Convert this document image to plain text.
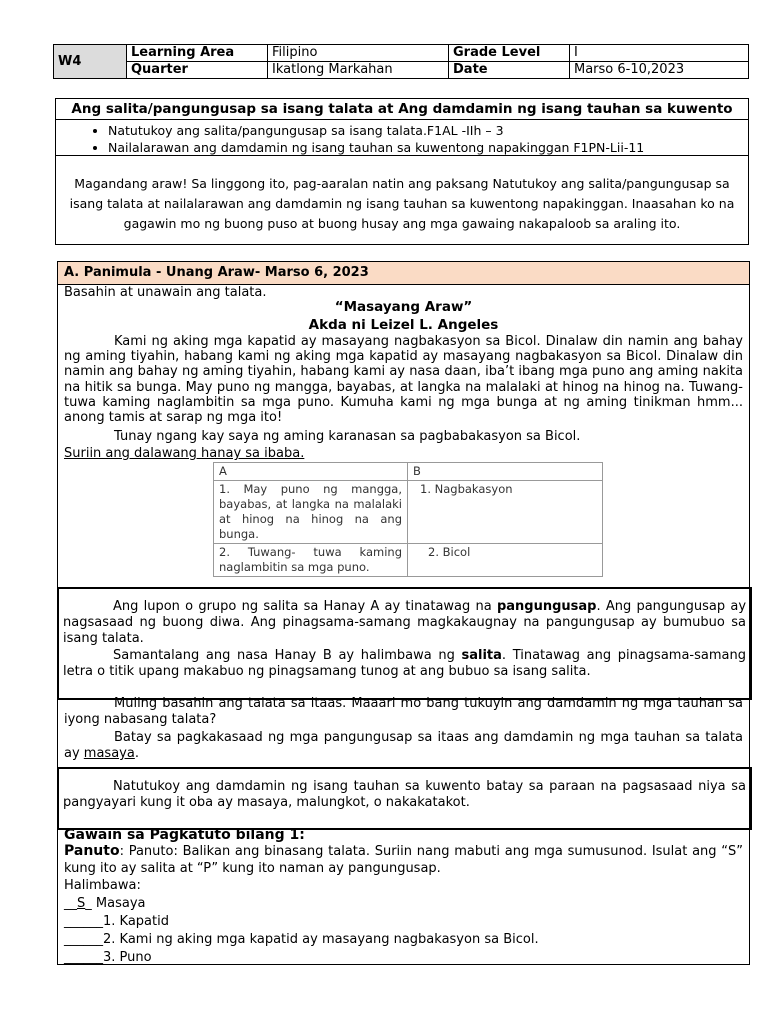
W4	Learning Area	Filipino	Grade Level	I
	Quarter	Ikatlong Markahan	Date	Marso 6-10,2023
Ang salita/pangungusap sa isang talata at Ang damdamin ng isang tauhan sa kuwento
• Natutukoy ang salita/pangungusap sa isang talata.F1AL -IIh – 3
• Nailalarawan ang damdamin ng isang tauhan sa kuwentong napakinggan F1PN-Lii-11
Magandang araw! Sa linggong ito, pag-aaralan natin ang paksang Natutukoy ang salita/pangungusap sa isang talata at nailalarawan ang damdamin ng isang tauhan sa kuwentong napakinggan. Inaasahan ko na gagawin mo ng buong puso at buong husay ang mga gawaing nakapaloob sa araling ito.
A. Panimula - Unang Araw- Marso 6, 2023
Basahin at unawain ang talata.
“Masayang Araw”
Akda ni Leizel L. Angeles
Kami ng aking mga kapatid ay masayang nagbakasyon sa Bicol. Dinalaw din namin ang bahay ng aming tiyahin, habang kami ng aking mga kapatid ay masayang nagbakasyon sa Bicol. Dinalaw din namin ang bahay ng aming tiyahin, habang kami ay nasa daan, iba’t ibang mga puno ang aming nakita na hitik sa bunga. May puno ng mangga, bayabas, at langka na malalaki at hinog na hinog na. Tuwang-tuwa kaming naglambitin sa mga puno. Kumuha kami ng mga bunga at ng aming tinikman hmm... anong tamis at sarap ng mga ito!
Tunay ngang kay saya ng aming karanasan sa pagbabakasyon sa Bicol.
Suriin ang dalawang hanay sa ibaba.
A	B
1. May puno ng mangga, bayabas, at langka na malalaki at hinog na hinog na ang bunga.	1. Nagbakasyon
2. Tuwang- tuwa kaming naglambitin sa mga puno.	2. Bicol
Ang lupon o grupo ng salita sa Hanay A ay tinatawag na pangungusap. Ang pangungusap ay nagsasaad ng buong diwa. Ang pinagsama-samang magkakaugnay na pangungusap ay bumubuo sa isang talata.
Samantalang ang nasa Hanay B ay halimbawa ng salita. Tinatawag ang pinagsama-samang letra o titik upang makabuo ng pinagsamang tunog at ang bubuo sa isang salita.
Muling basahin ang talata sa itaas. Maaari mo bang tukuyin ang damdamin ng mga tauhan sa iyong nabasang talata?
Batay sa pagkakasaad ng mga pangungusap sa itaas ang damdamin ng mga tauhan sa talata ay masaya.
Natutukoy ang damdamin ng isang tauhan sa kuwento batay sa paraan na pagsasaad niya sa pangyayari kung it oba ay masaya, malungkot, o nakakatakot.
Gawain sa Pagkatuto bilang 1:
Panuto: Panuto: Balikan ang binasang talata. Suriin nang mabuti ang mga sumusunod. Isulat ang “S” kung ito ay salita at “P” kung ito naman ay pangungusap.
Halimbawa:
__S_ Masaya
______1. Kapatid
______2. Kami ng aking mga kapatid ay masayang nagbakasyon sa Bicol.
______3. Puno
